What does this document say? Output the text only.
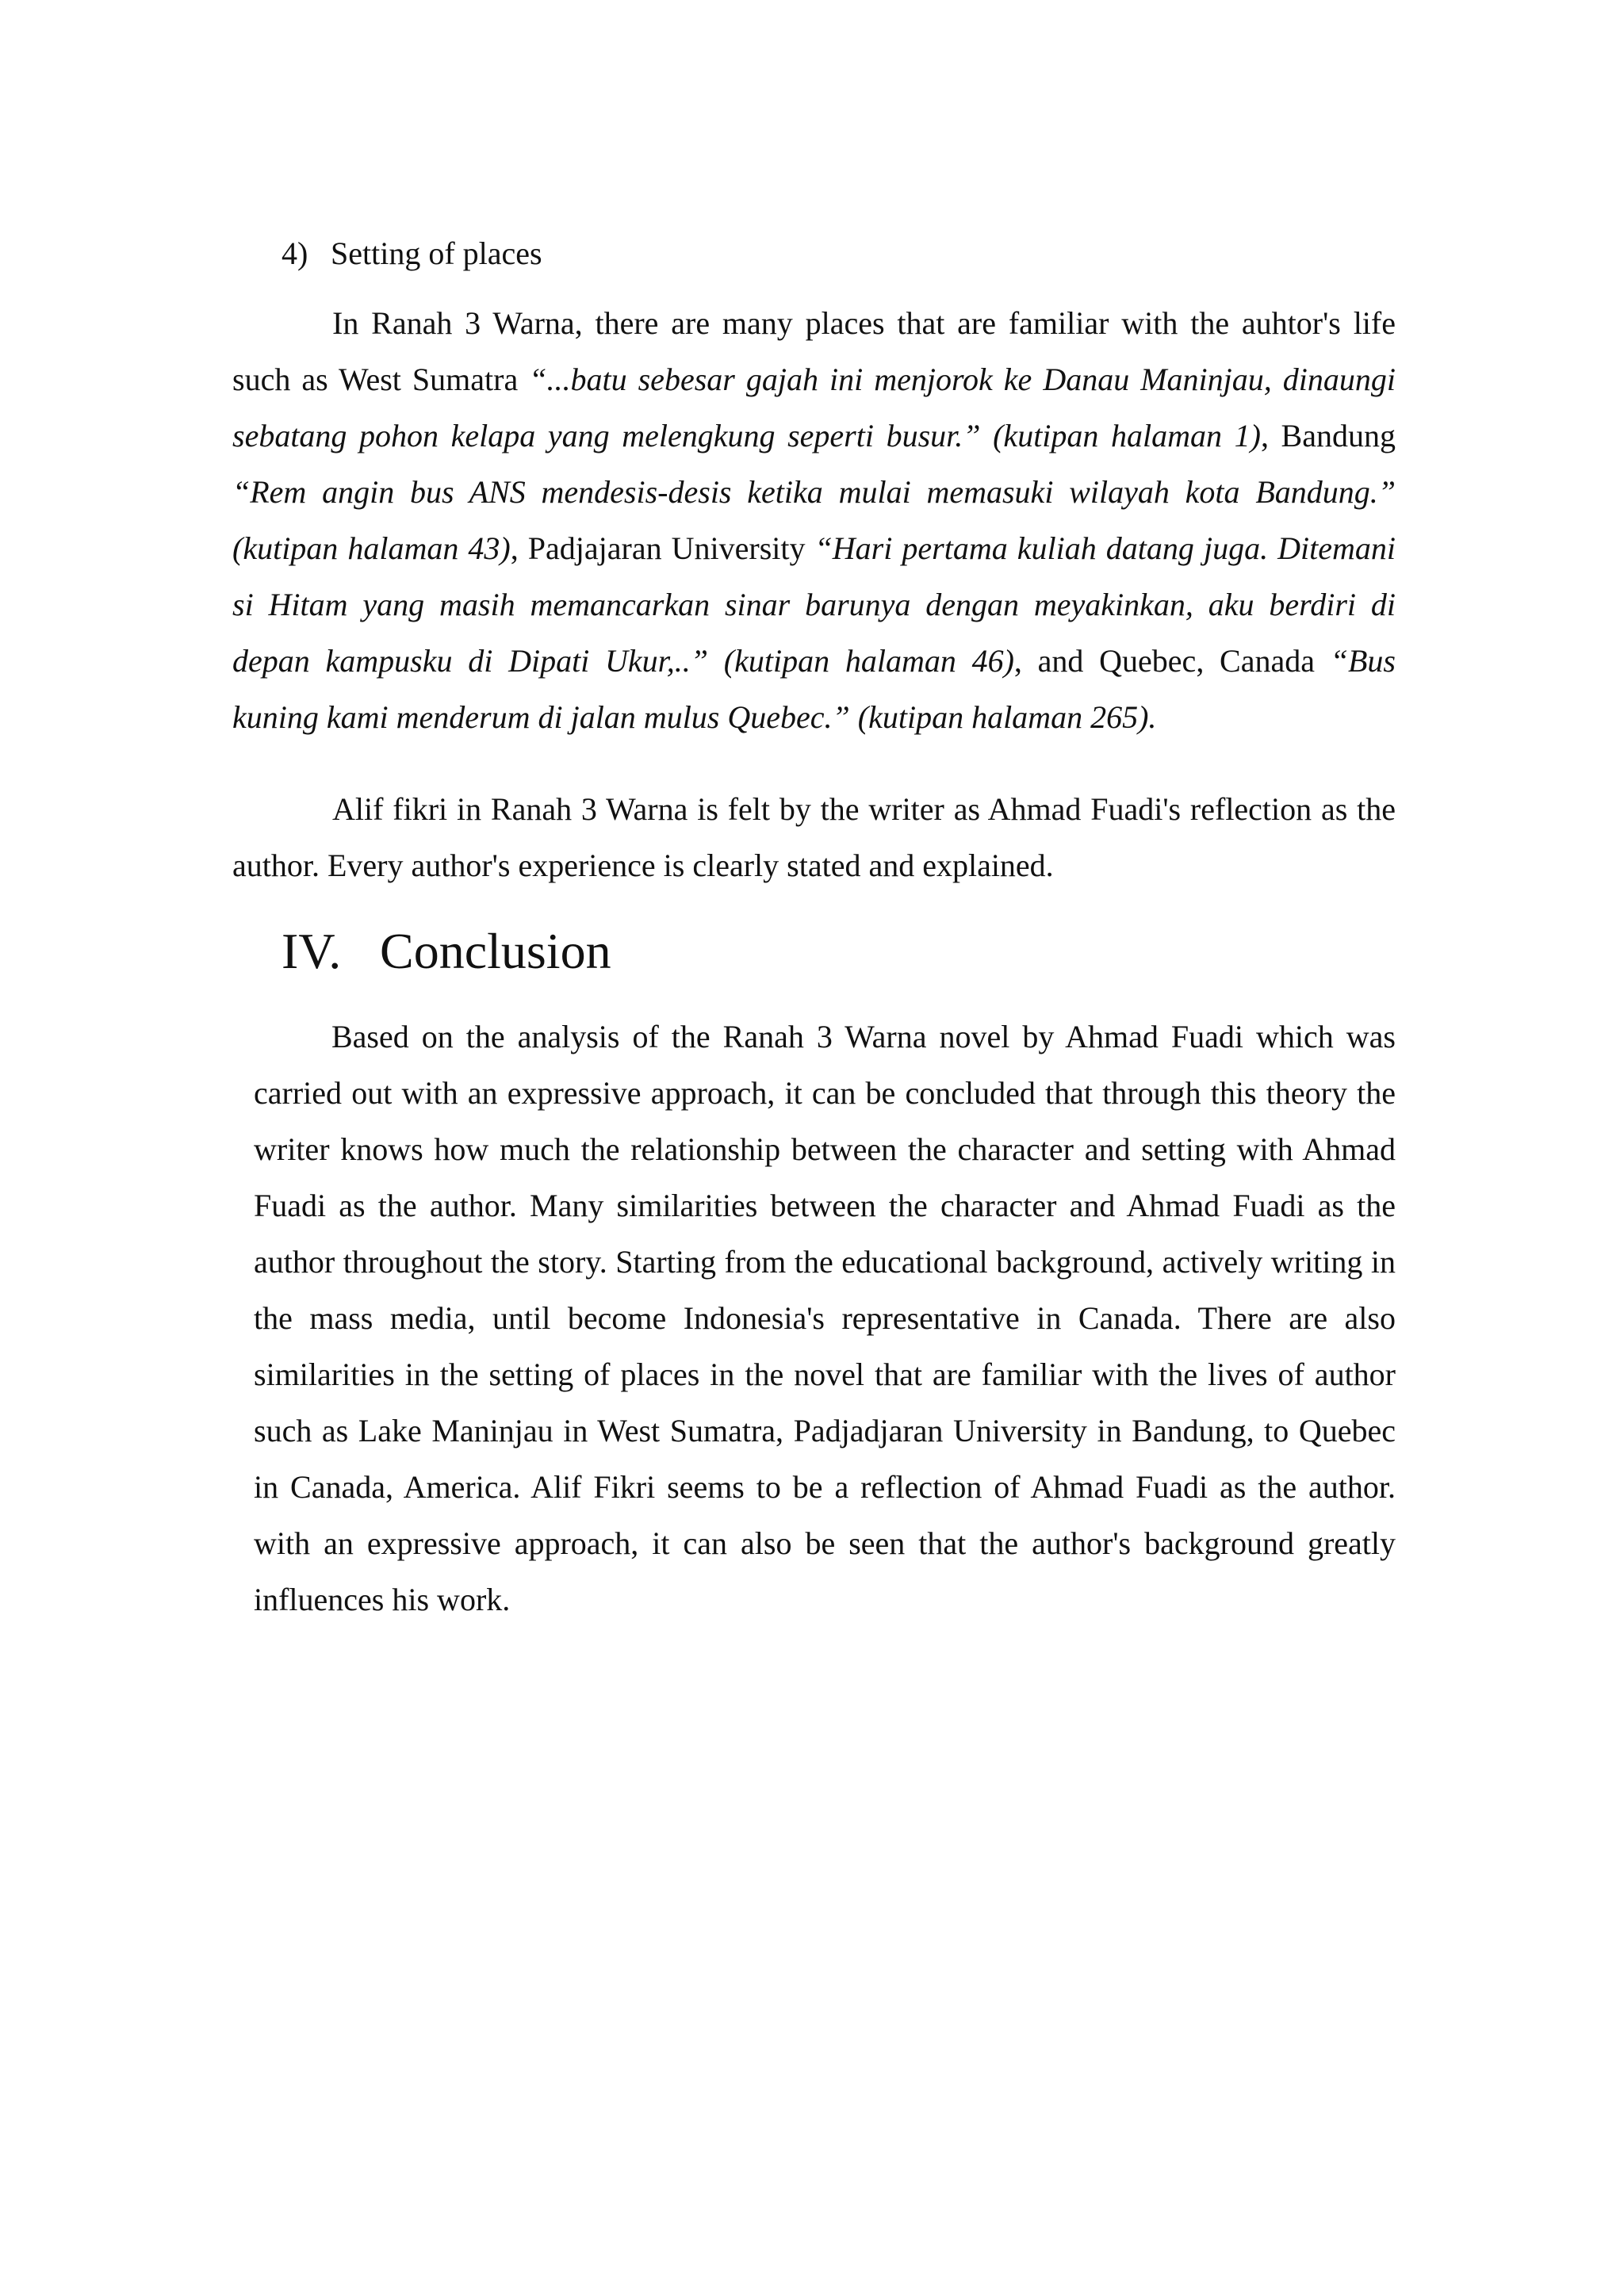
4) Setting of places

In Ranah 3 Warna, there are many places that are familiar with the auhtor's life such as West Sumatra “...batu sebesar gajah ini menjorok ke Danau Maninjau, dinaungi sebatang pohon kelapa yang melengkung seperti busur.” (kutipan halaman 1), Bandung “Rem angin bus ANS mendesis-desis ketika mulai memasuki wilayah kota Bandung.” (kutipan halaman 43), Padjajaran University “Hari pertama kuliah datang juga. Ditemani si Hitam yang masih memancarkan sinar barunya dengan meyakinkan, aku berdiri di depan kampusku di Dipati Ukur,..” (kutipan halaman 46), and Quebec, Canada “Bus kuning kami menderum di jalan mulus Quebec.” (kutipan halaman 265).

Alif fikri in Ranah 3 Warna is felt by the writer as Ahmad Fuadi's reflection as the author. Every author's experience is clearly stated and explained.

IV. Conclusion

Based on the analysis of the Ranah 3 Warna novel by Ahmad Fuadi which was carried out with an expressive approach, it can be concluded that through this theory the writer knows how much the relationship between the character and setting with Ahmad Fuadi as the author. Many similarities between the character and Ahmad Fuadi as the author throughout the story. Starting from the educational background, actively writing in the mass media, until become Indonesia's representative in Canada. There are also similarities in the setting of places in the novel that are familiar with the lives of author such as Lake Maninjau in West Sumatra, Padjadjaran University in Bandung, to Quebec in Canada, America. Alif Fikri seems to be a reflection of Ahmad Fuadi as the author. with an expressive approach, it can also be seen that the author's background greatly influences his work.
